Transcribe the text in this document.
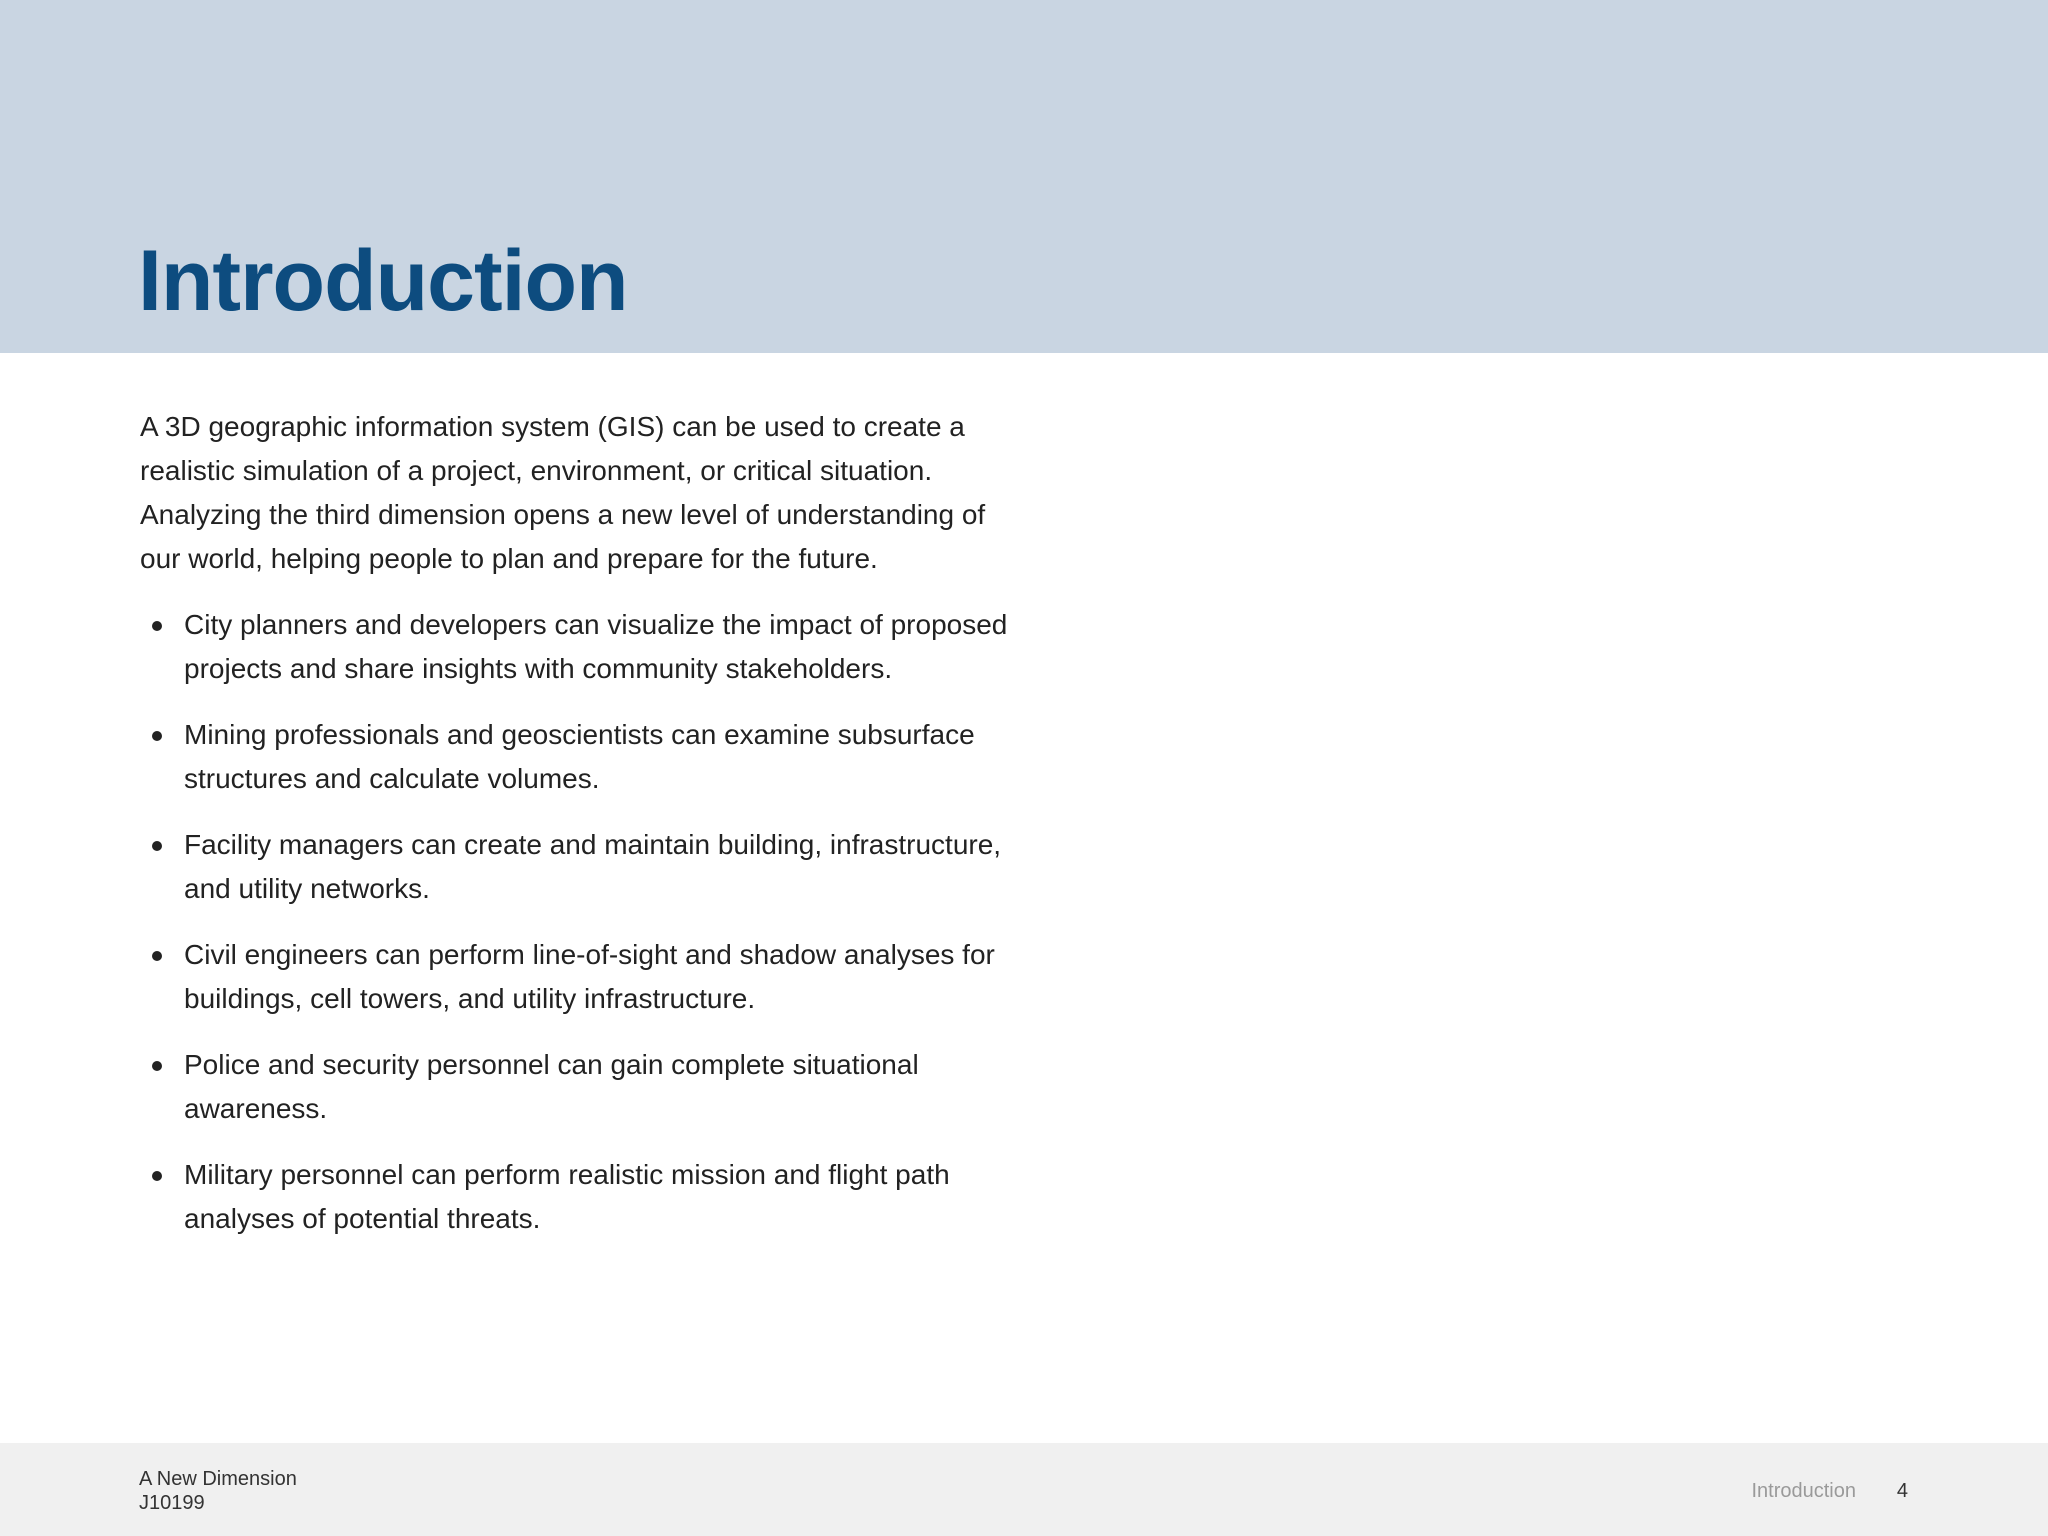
Introduction

A 3D geographic information system (GIS) can be used to create a realistic simulation of a project, environment, or critical situation. Analyzing the third dimension opens a new level of understanding of our world, helping people to plan and prepare for the future.

City planners and developers can visualize the impact of proposed projects and share insights with community stakeholders.
Mining professionals and geoscientists can examine subsurface structures and calculate volumes.
Facility managers can create and maintain building, infrastructure, and utility networks.
Civil engineers can perform line-of-sight and shadow analyses for buildings, cell towers, and utility infrastructure.
Police and security personnel can gain complete situational awareness.
Military personnel can perform realistic mission and flight path analyses of potential threats.
A New Dimension
J10199
Introduction 4
